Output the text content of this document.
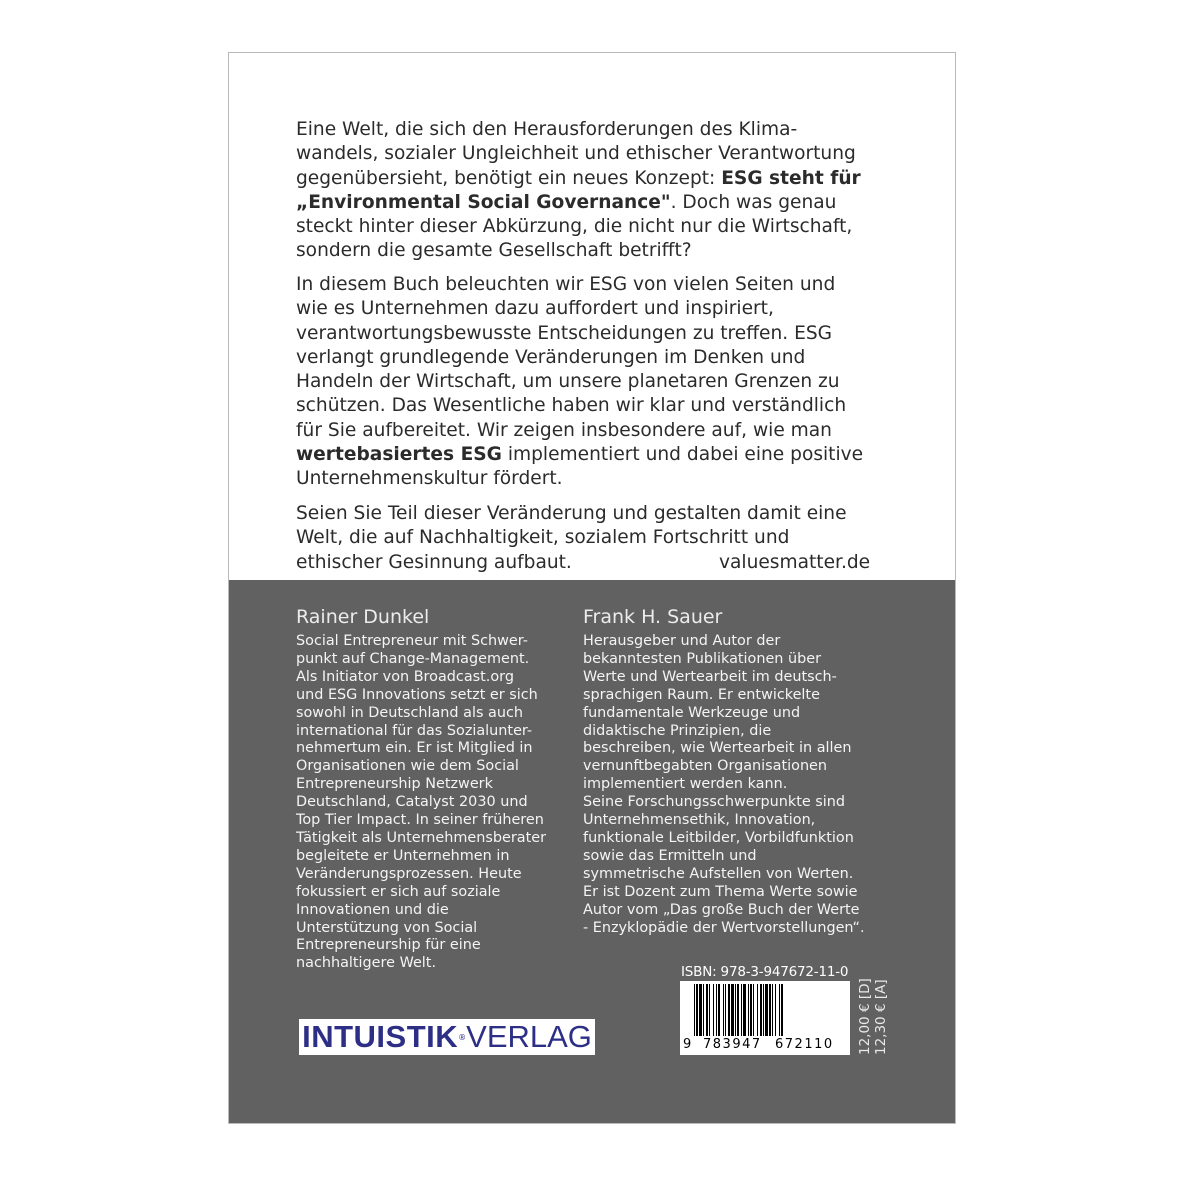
Eine Welt, die sich den Herausforderungen des Klima-
wandels, sozialer Ungleichheit und ethischer Verantwortung
gegenübersieht, benötigt ein neues Konzept: ESG steht für
„Environmental Social Governance". Doch was genau
steckt hinter dieser Abkürzung, die nicht nur die Wirtschaft,
sondern die gesamte Gesellschaft betrifft?

In diesem Buch beleuchten wir ESG von vielen Seiten und
wie es Unternehmen dazu auffordert und inspiriert,
verantwortungsbewusste Entscheidungen zu treffen. ESG
verlangt grundlegende Veränderungen im Denken und
Handeln der Wirtschaft, um unsere planetaren Grenzen zu
schützen. Das Wesentliche haben wir klar und verständlich
für Sie aufbereitet. Wir zeigen insbesondere auf, wie man
wertebasiertes ESG implementiert und dabei eine positive
Unternehmenskultur fördert.

Seien Sie Teil dieser Veränderung und gestalten damit eine
Welt, die auf Nachhaltigkeit, sozialem Fortschritt und
ethischer Gesinnung aufbaut.	valuesmatter.de
Rainer Dunkel

Social Entrepreneur mit Schwer-
punkt auf Change-Management.
Als Initiator von Broadcast.org
und ESG Innovations setzt er sich
sowohl in Deutschland als auch
international für das Sozialunter-
nehmertum ein. Er ist Mitglied in
Organisationen wie dem Social
Entrepreneurship Netzwerk
Deutschland, Catalyst 2030 und
Top Tier Impact. In seiner früheren
Tätigkeit als Unternehmensberater
begleitete er Unternehmen in
Veränderungsprozessen. Heute
fokussiert er sich auf soziale
Innovationen und die
Unterstützung von Social
Entrepreneurship für eine
nachhaltigere Welt.

Frank H. Sauer

Herausgeber und Autor der
bekanntesten Publikationen über
Werte und Wertearbeit im deutsch-
sprachigen Raum. Er entwickelte
fundamentale Werkzeuge und
didaktische Prinzipien, die
beschreiben, wie Wertearbeit in allen
vernunftbegabten Organisationen
implementiert werden kann.
Seine Forschungsschwerpunkte sind
Unternehmensethik, Innovation,
funktionale Leitbilder, Vorbildfunktion
sowie das Ermitteln und
symmetrische Aufstellen von Werten.
Er ist Dozent zum Thema Werte sowie
Autor vom „Das große Buch der Werte
- Enzyklopädie der Wertvorstellungen“.

INTUISTIK ® VERLAG
ISBN: 978-3-947672-11-0
9 783947 672110 12,00 € [D] 12,30 € [A]
